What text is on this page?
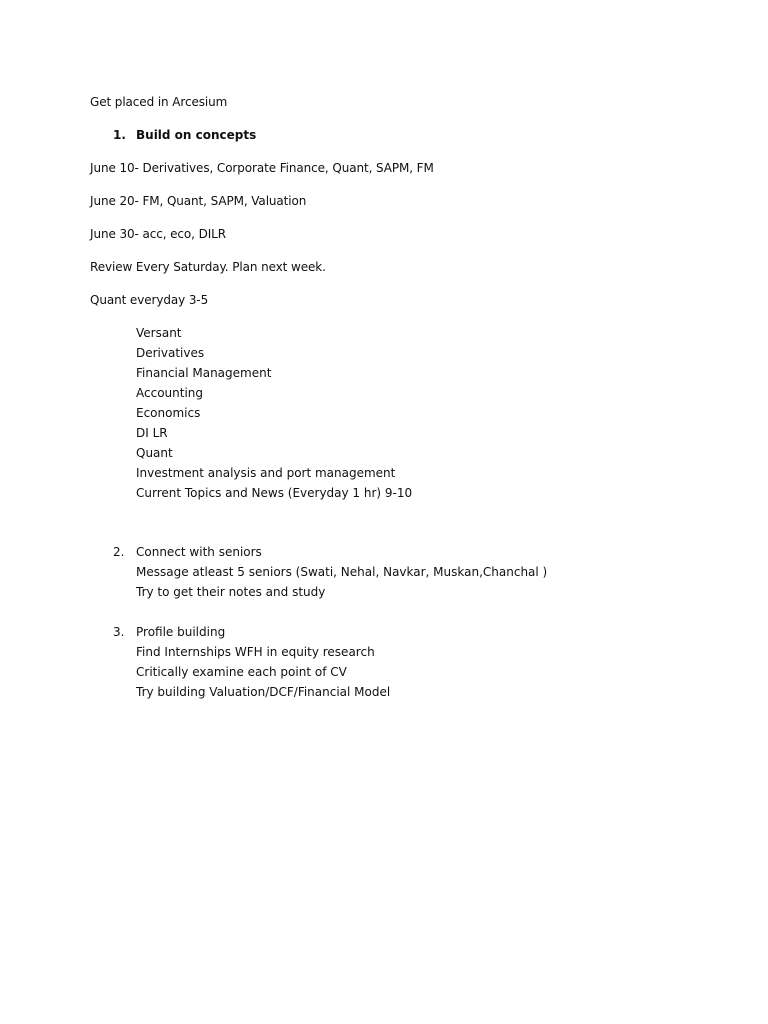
Get placed in Arcesium
1. Build on concepts
June 10- Derivatives, Corporate Finance, Quant, SAPM, FM
June 20- FM, Quant, SAPM, Valuation
June 30- acc, eco, DILR
Review Every Saturday. Plan next week.
Quant everyday 3-5
Versant
Derivatives
Financial Management
Accounting
Economics
DI LR
Quant
Investment analysis and port management
Current Topics and News (Everyday 1 hr) 9-10
2. Connect with seniors
Message atleast 5 seniors (Swati, Nehal, Navkar, Muskan,Chanchal )
Try to get their notes and study
3. Profile building
Find Internships WFH in equity research
Critically examine each point of CV
Try building Valuation/DCF/Financial Model
